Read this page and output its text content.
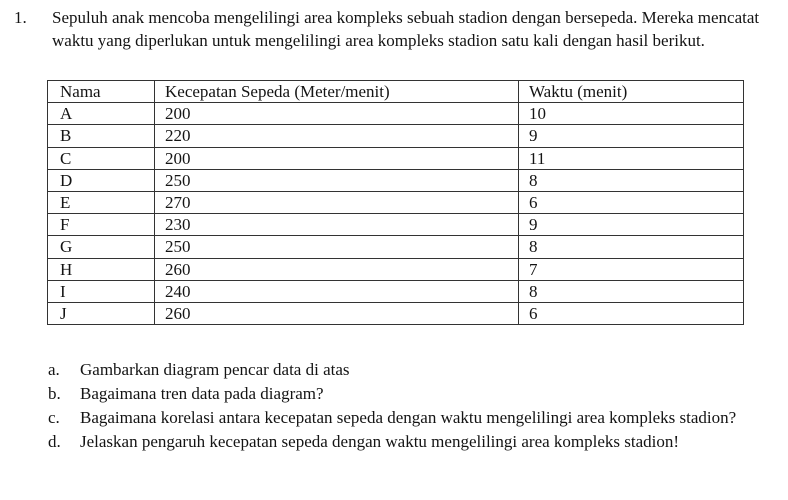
1. Sepuluh anak mencoba mengelilingi area kompleks sebuah stadion dengan bersepeda. Mereka mencatat waktu yang diperlukan untuk mengelilingi area kompleks stadion satu kali dengan hasil berikut.
Nama	Kecepatan Sepeda (Meter/menit)	Waktu (menit)
A	200	10
B	220	9
C	200	11
D	250	8
E	270	6
F	230	9
G	250	8
H	260	7
I	240	8
J	260	6
a. Gambarkan diagram pencar data di atas
b. Bagaimana tren data pada diagram?
c. Bagaimana korelasi antara kecepatan sepeda dengan waktu mengelilingi area kompleks stadion?
d. Jelaskan pengaruh kecepatan sepeda dengan waktu mengelilingi area kompleks stadion!
